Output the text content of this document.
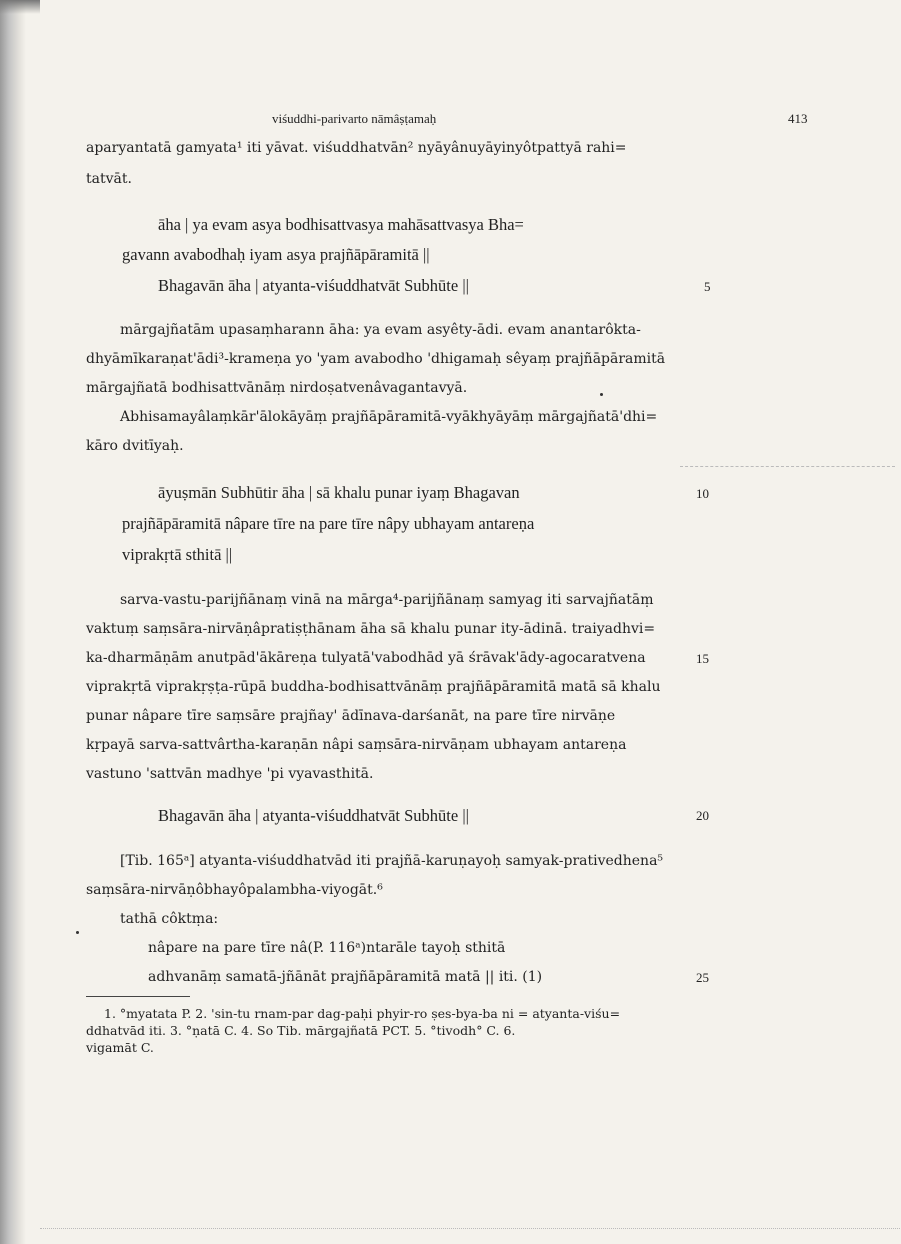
viśuddhi-parivarto nāmâṣṭamaḥ	413
aparyantatā gamyata¹ iti yāvat. viśuddhatvān² nyāyânuyāyinyôtpattyā rahi=
tatvāt.
āha | ya evam asya bodhisattvasya mahāsattvasya Bha=
gavann avabodhaḥ iyam asya prajñāpāramitā ||
Bhagavān āha | atyanta-viśuddhatvāt Subhūte ||
mārgajñatām upasaṃharann āha: ya evam asyêty-ādi. evam anantarôkta-
dhyāmīkaraṇat'ādi³-krameṇa yo 'yam avabodho 'dhigamaḥ sêyaṃ prajñāpāramitā
mārgajñatā bodhisattvānāṃ nirdoṣatvenâvagantavyā.
Abhisamayâlaṃkār'ālokāyāṃ prajñāpāramitā-vyākhyāyāṃ mārgajñatā'dhi=
kāro dvitīyaḥ.
āyuṣmān Subhūtir āha | sā khalu punar iyaṃ Bhagavan
prajñāpāramitā nâpare tīre na pare tīre nâpy ubhayam antareṇa
viprakṛtā sthitā ||
sarva-vastu-parijñānaṃ vinā na mārga⁴-parijñānaṃ samyag iti sarvajñatāṃ
vaktuṃ saṃsāra-nirvāṇâpratiṣṭhānam āha sā khalu punar ity-ādinā. traiyadhvi=
ka-dharmāṇām anutpād'ākāreṇa tulyatā'vabodhād yā śrāvak'ādy-agocaratvena
viprakṛtā viprakṛṣṭa-rūpā buddha-bodhisattvānāṃ prajñāpāramitā matā sā khalu
punar nâpare tīre saṃsāre prajñay' ādīnava-darśanāt, na pare tīre nirvāṇe
kṛpayā sarva-sattvârtha-karaṇān nâpi saṃsāra-nirvāṇam ubhayam antareṇa
vastuno 'sattvān madhye 'pi vyavasthitā.
Bhagavān āha | atyanta-viśuddhatvāt Subhūte ||
[Tib. 165ᵃ] atyanta-viśuddhatvād iti prajñā-karuṇayoḥ samyak-prativedhena⁵
saṃsāra-nirvāṇôbhayôpalambha-viyogāt.⁶
tathā côktṃa:
nâpare na pare tīre nâ(P. 116ᵃ)ntarāle tayoḥ sthitā
adhvanāṃ samatā-jñānāt prajñāpāramitā matā || iti. (1)
5
10
15
20
25
1. °myatata P. 2. 'sin-tu rnam-par dag-paḥi phyir-ro ṣes-bya-ba ni = atyanta-viśu=
ddhatvād iti. 3. °ṇatā C. 4. So Tib. mārgajñatā PCT. 5. °tivodh° C. 6.
vigamāt C.
